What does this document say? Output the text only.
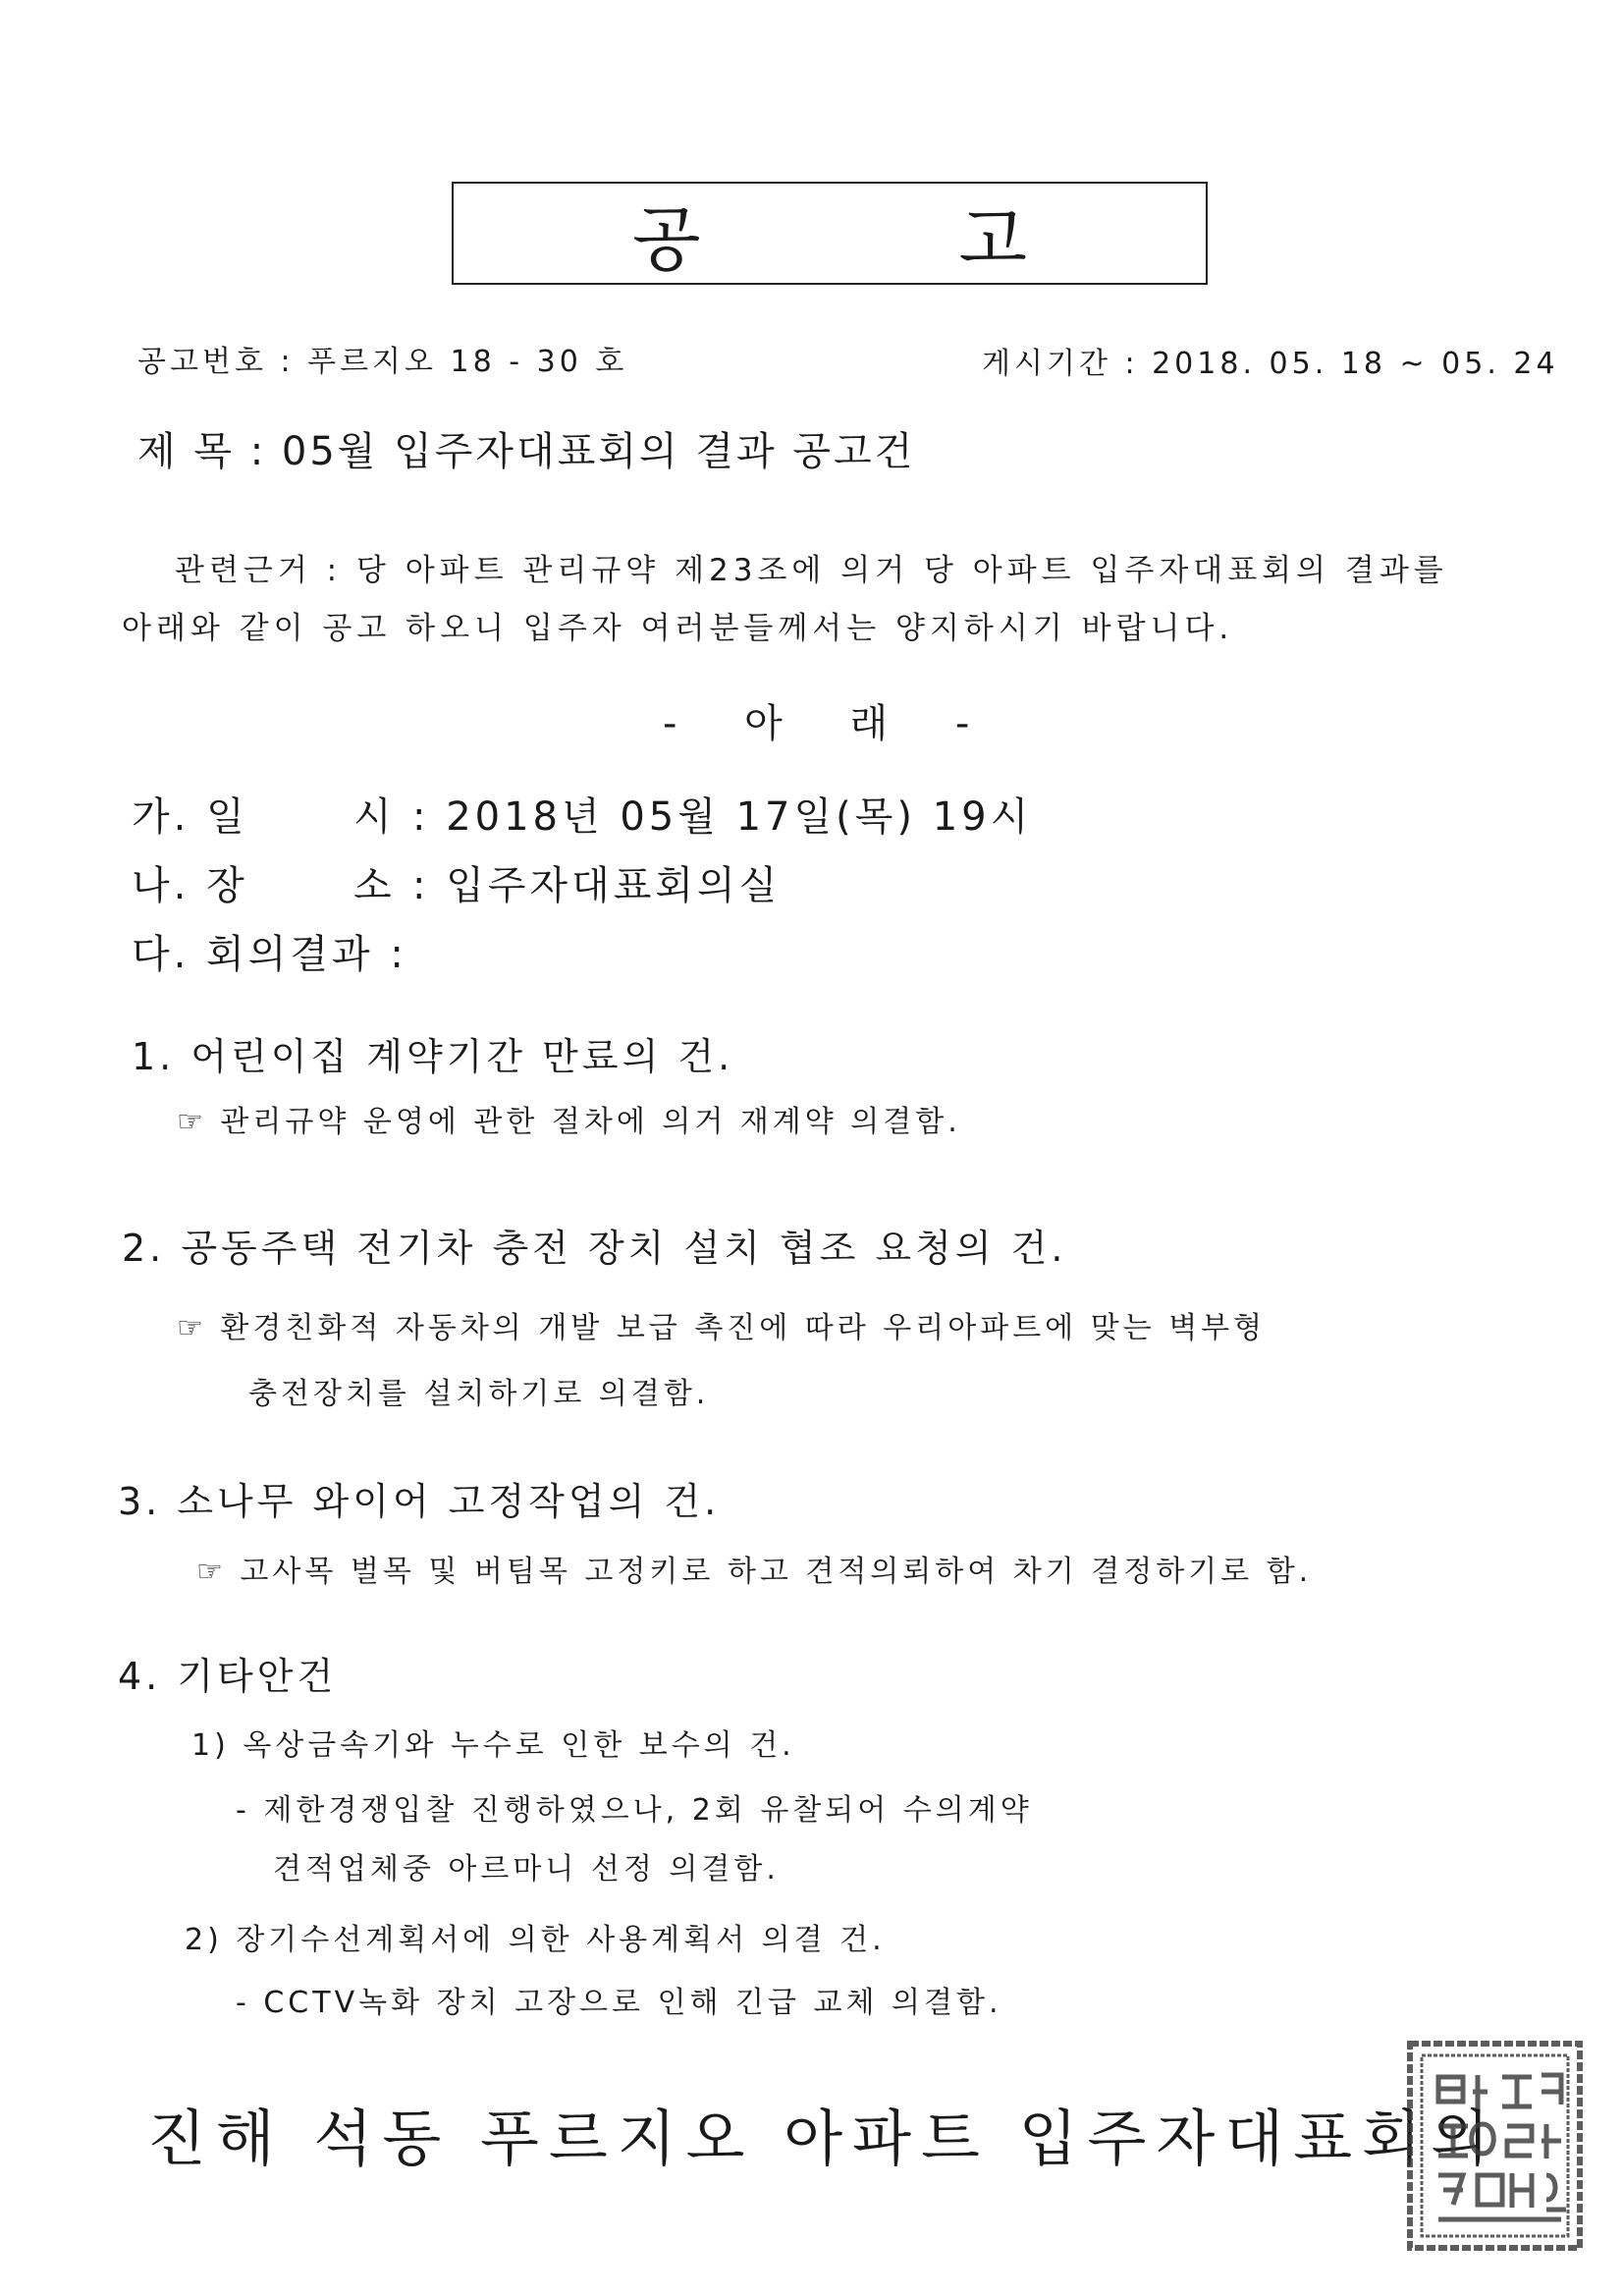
공 고
공고번호 : 푸르지오 18 - 30 호	게시기간 : 2018. 05. 18 ~ 05. 24
제 목 : 05월 입주자대표회의 결과 공고건
관련근거 : 당 아파트 관리규약 제23조에 의거 당 아파트 입주자대표회의 결과를
아래와 같이 공고 하오니 입주자 여러분들께서는 양지하시기 바랍니다.
- 아 래 -
가. 일	시 : 2018년 05월 17일(목) 19시
나. 장	소 : 입주자대표회의실
다. 회의결과 :
1. 어린이집 계약기간 만료의 건.
☞ 관리규약 운영에 관한 절차에 의거 재계약 의결함.
2. 공동주택 전기차 충전 장치 설치 협조 요청의 건.
☞ 환경친화적 자동차의 개발 보급 촉진에 따라 우리아파트에 맞는 벽부형
충전장치를 설치하기로 의결함.
3. 소나무 와이어 고정작업의 건.
☞ 고사목 벌목 및 버팀목 고정키로 하고 견적의뢰하여 차기 결정하기로 함.
4. 기타안건
1) 옥상금속기와 누수로 인한 보수의 건.
- 제한경쟁입찰 진행하였으나, 2회 유찰되어 수의계약
견적업체중 아르마니 선정 의결함.
2) 장기수선계획서에 의한 사용계획서 의결 건.
- CCTV녹화 장치 고장으로 인해 긴급 교체 의결함.
진해 석동 푸르지오 아파트 입주자대표회의
